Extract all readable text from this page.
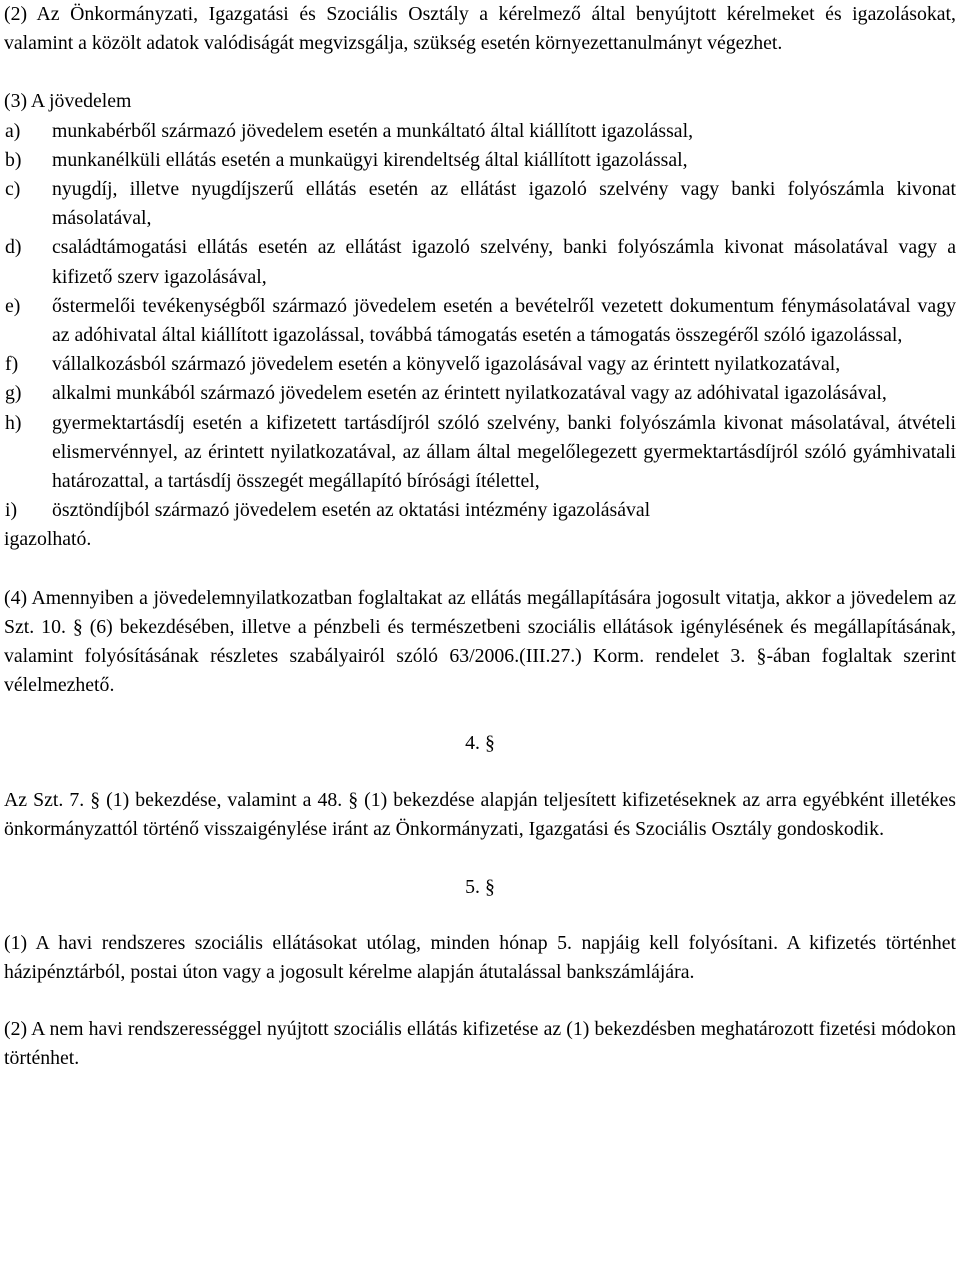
(2) Az Önkormányzati, Igazgatási és Szociális Osztály a kérelmező által benyújtott kérelmeket és igazolásokat, valamint a közölt adatok valódiságát megvizsgálja, szükség esetén környezettanulmányt végezhet.

(3) A jövedelem

a)	munkabérből származó jövedelem esetén a munkáltató által kiállított igazolással,
b)	munkanélküli ellátás esetén a munkaügyi kirendeltség által kiállított igazolással,
c)	nyugdíj, illetve nyugdíjszerű ellátás esetén az ellátást igazoló szelvény vagy banki folyószámla kivonat másolatával,
d)	családtámogatási ellátás esetén az ellátást igazoló szelvény, banki folyószámla kivonat másolatával vagy a kifizető szerv igazolásával,
e)	őstermelői tevékenységből származó jövedelem esetén a bevételről vezetett dokumentum fénymásolatával vagy az adóhivatal által kiállított igazolással, továbbá támogatás esetén a támogatás összegéről szóló igazolással,
f)	vállalkozásból származó jövedelem esetén a könyvelő igazolásával vagy az érintett nyilatkozatával,
g)	alkalmi munkából származó jövedelem esetén az érintett nyilatkozatával vagy az adóhivatal igazolásával,
h)	gyermektartásdíj esetén a kifizetett tartásdíjról szóló szelvény, banki folyószámla kivonat másolatával, átvételi elismervénnyel, az érintett nyilatkozatával, az állam által megelőlegezett gyermektartásdíjról szóló gyámhivatali határozattal, a tartásdíj összegét megállapító bírósági ítélettel,
i)	ösztöndíjból származó jövedelem esetén az oktatási intézmény igazolásával

igazolható.

(4) Amennyiben a jövedelemnyilatkozatban foglaltakat az ellátás megállapítására jogosult vitatja, akkor a jövedelem az Szt. 10. § (6) bekezdésében, illetve a pénzbeli és természetbeni szociális ellátások igénylésének és megállapításának, valamint folyósításának részletes szabályairól szóló 63/2006.(III.27.) Korm. rendelet 3. §-ában foglaltak szerint vélelmezhető.

4. §

Az Szt. 7. § (1) bekezdése, valamint a 48. § (1) bekezdése alapján teljesített kifizetéseknek az arra egyébként illetékes önkormányzattól történő visszaigénylése iránt az Önkormányzati, Igazgatási és Szociális Osztály gondoskodik.

5. §

(1) A havi rendszeres szociális ellátásokat utólag, minden hónap 5. napjáig kell folyósítani. A kifizetés történhet házipénztárból, postai úton vagy a jogosult kérelme alapján átutalással bankszámlájára.

(2) A nem havi rendszerességgel nyújtott szociális ellátás kifizetése az (1) bekezdésben meghatározott fizetési módokon történhet.
